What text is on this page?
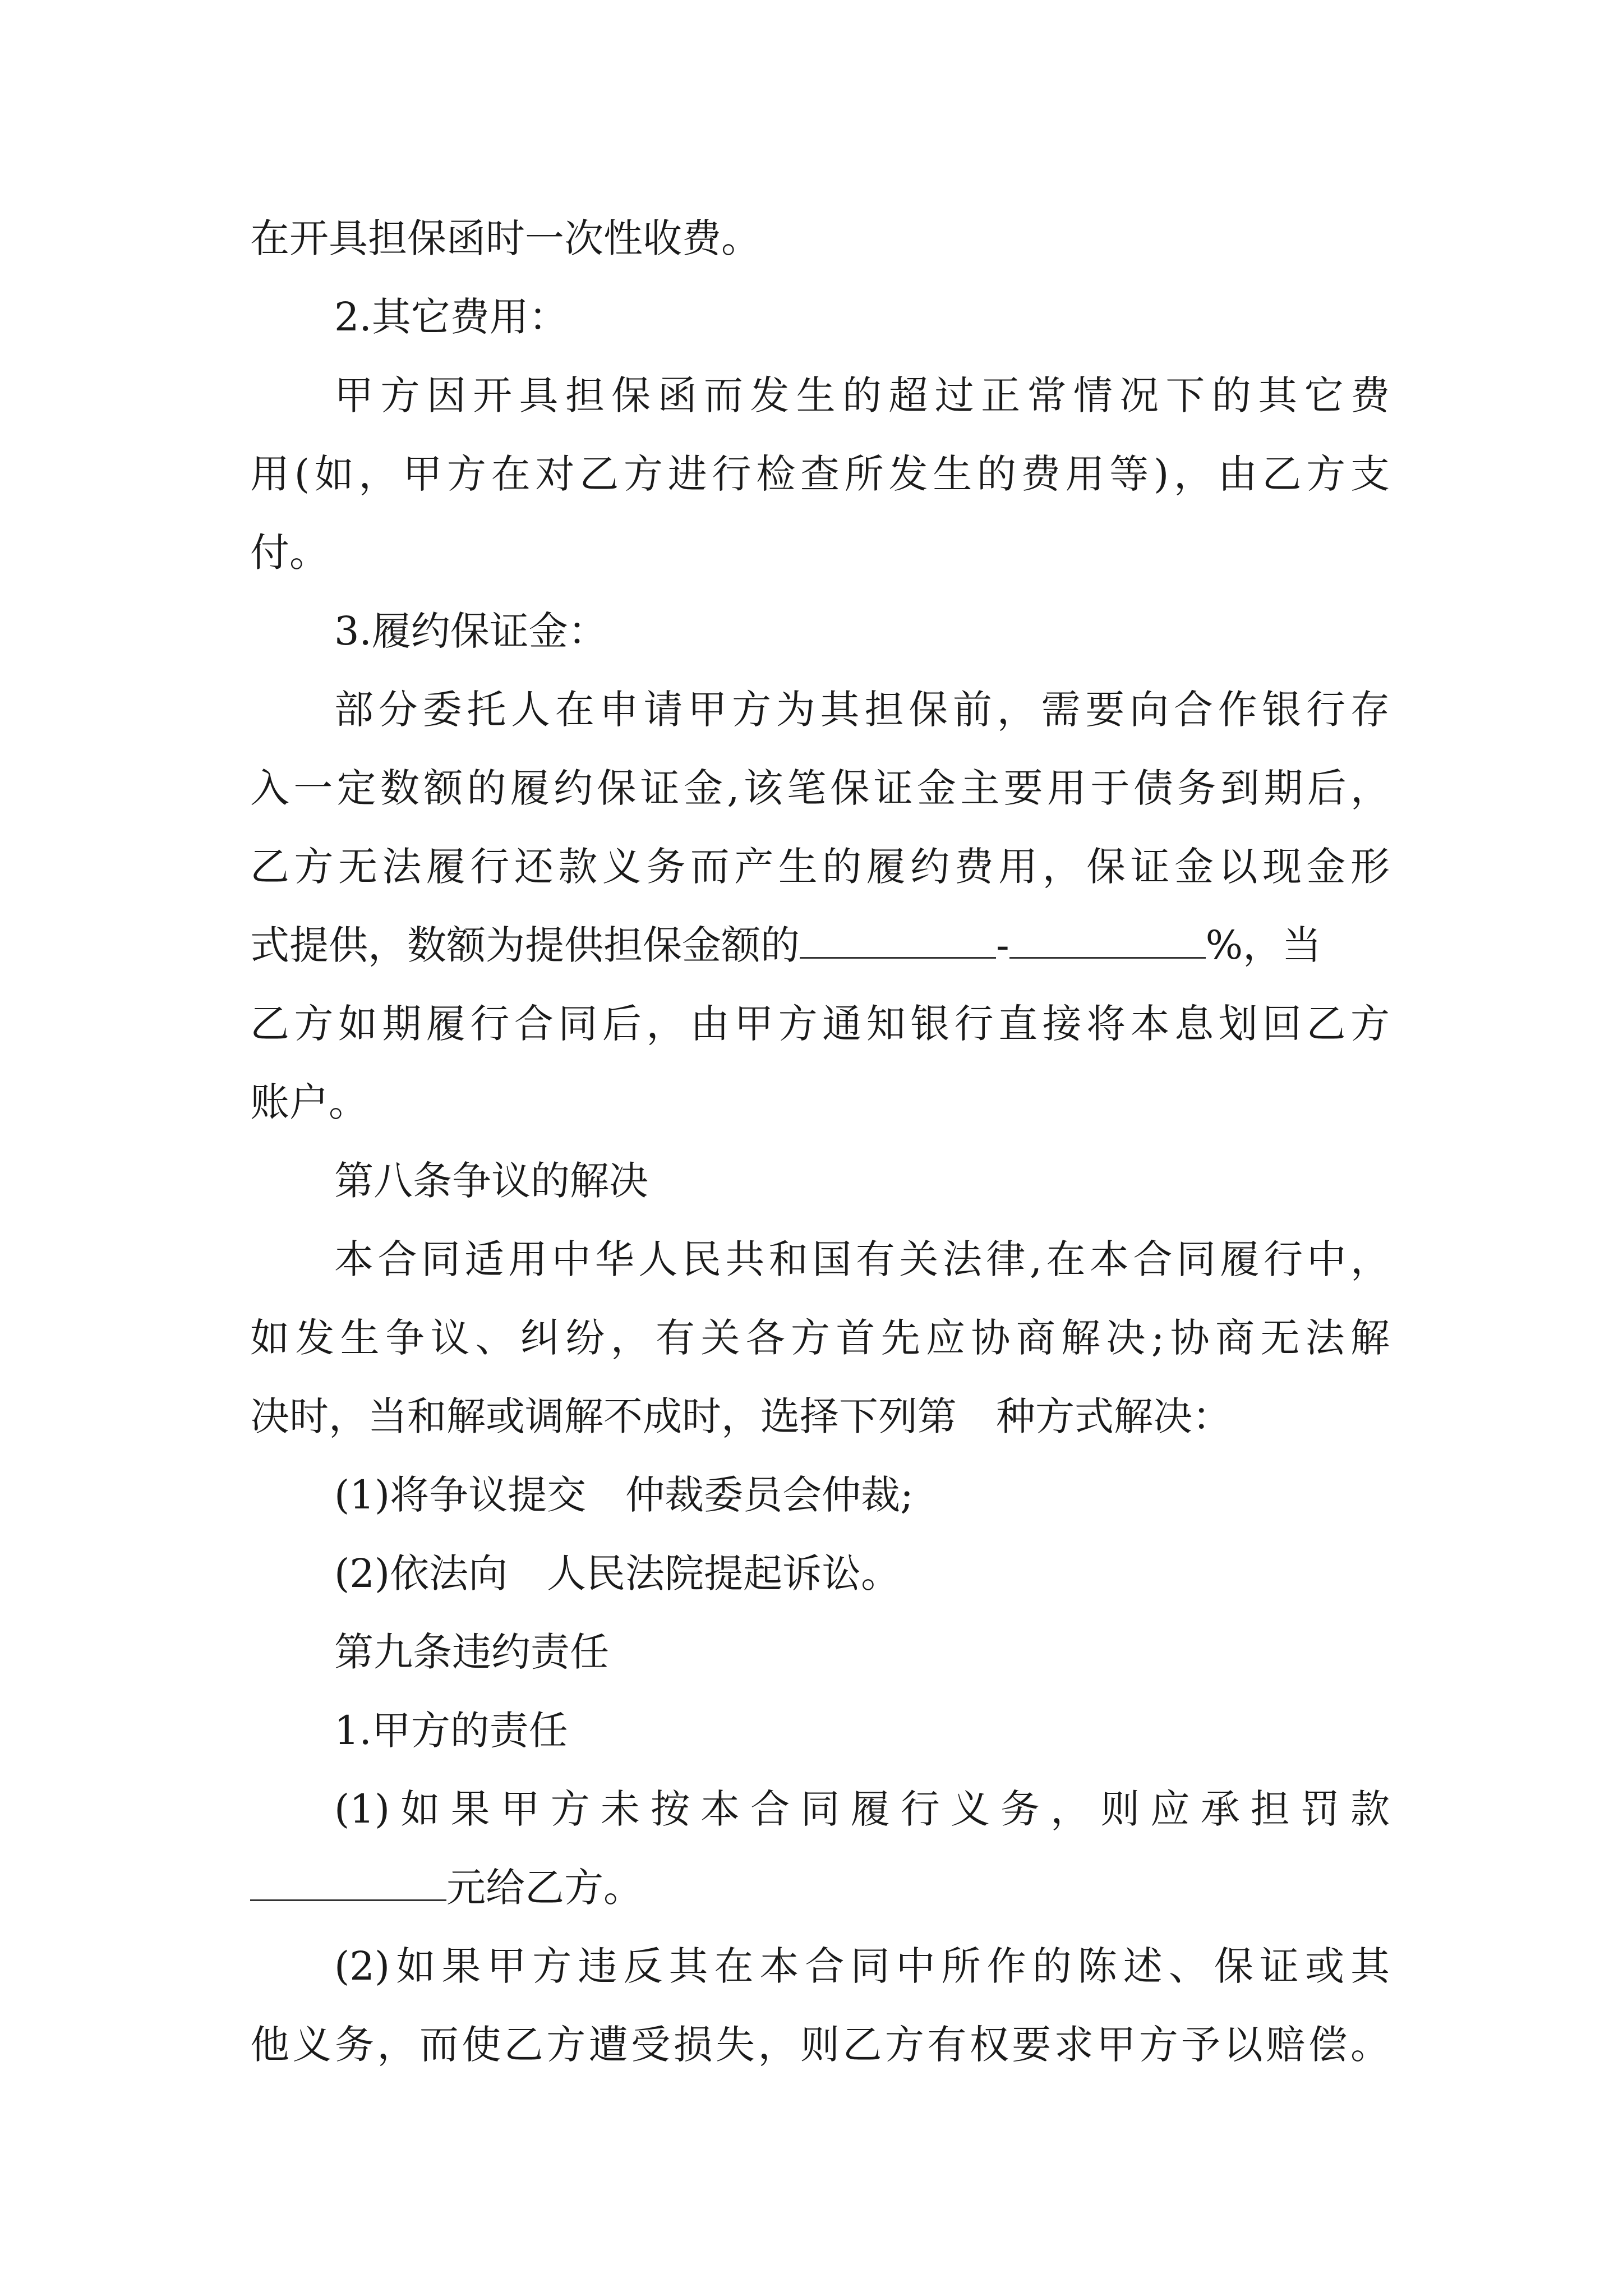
在开具担保函时一次性收费。
2.其它费用：
甲方因开具担保函而发生的超过正常情况下的其它费
用(如，甲方在对乙方进行检查所发生的费用等)，由乙方支
付。
3.履约保证金：
部分委托人在申请甲方为其担保前，需要向合作银行存
入一定数额的履约保证金,该笔保证金主要用于债务到期后，
乙方无法履行还款义务而产生的履约费用，保证金以现金形
式提供，数额为提供担保金额的	-	%，当
乙方如期履行合同后，由甲方通知银行直接将本息划回乙方
账户。
第八条争议的解决
本合同适用中华人民共和国有关法律,在本合同履行中，
如发生争议、纠纷，有关各方首先应协商解决;协商无法解
决时，当和解或调解不成时，选择下列第 种方式解决：
(1)将争议提交 仲裁委员会仲裁;
(2)依法向 人民法院提起诉讼。
第九条违约责任
1.甲方的责任
(1)如果甲方未按本合同履行义务，则应承担罚款
元给乙方。
(2)如果甲方违反其在本合同中所作的陈述、保证或其
他义务，而使乙方遭受损失，则乙方有权要求甲方予以赔偿。
